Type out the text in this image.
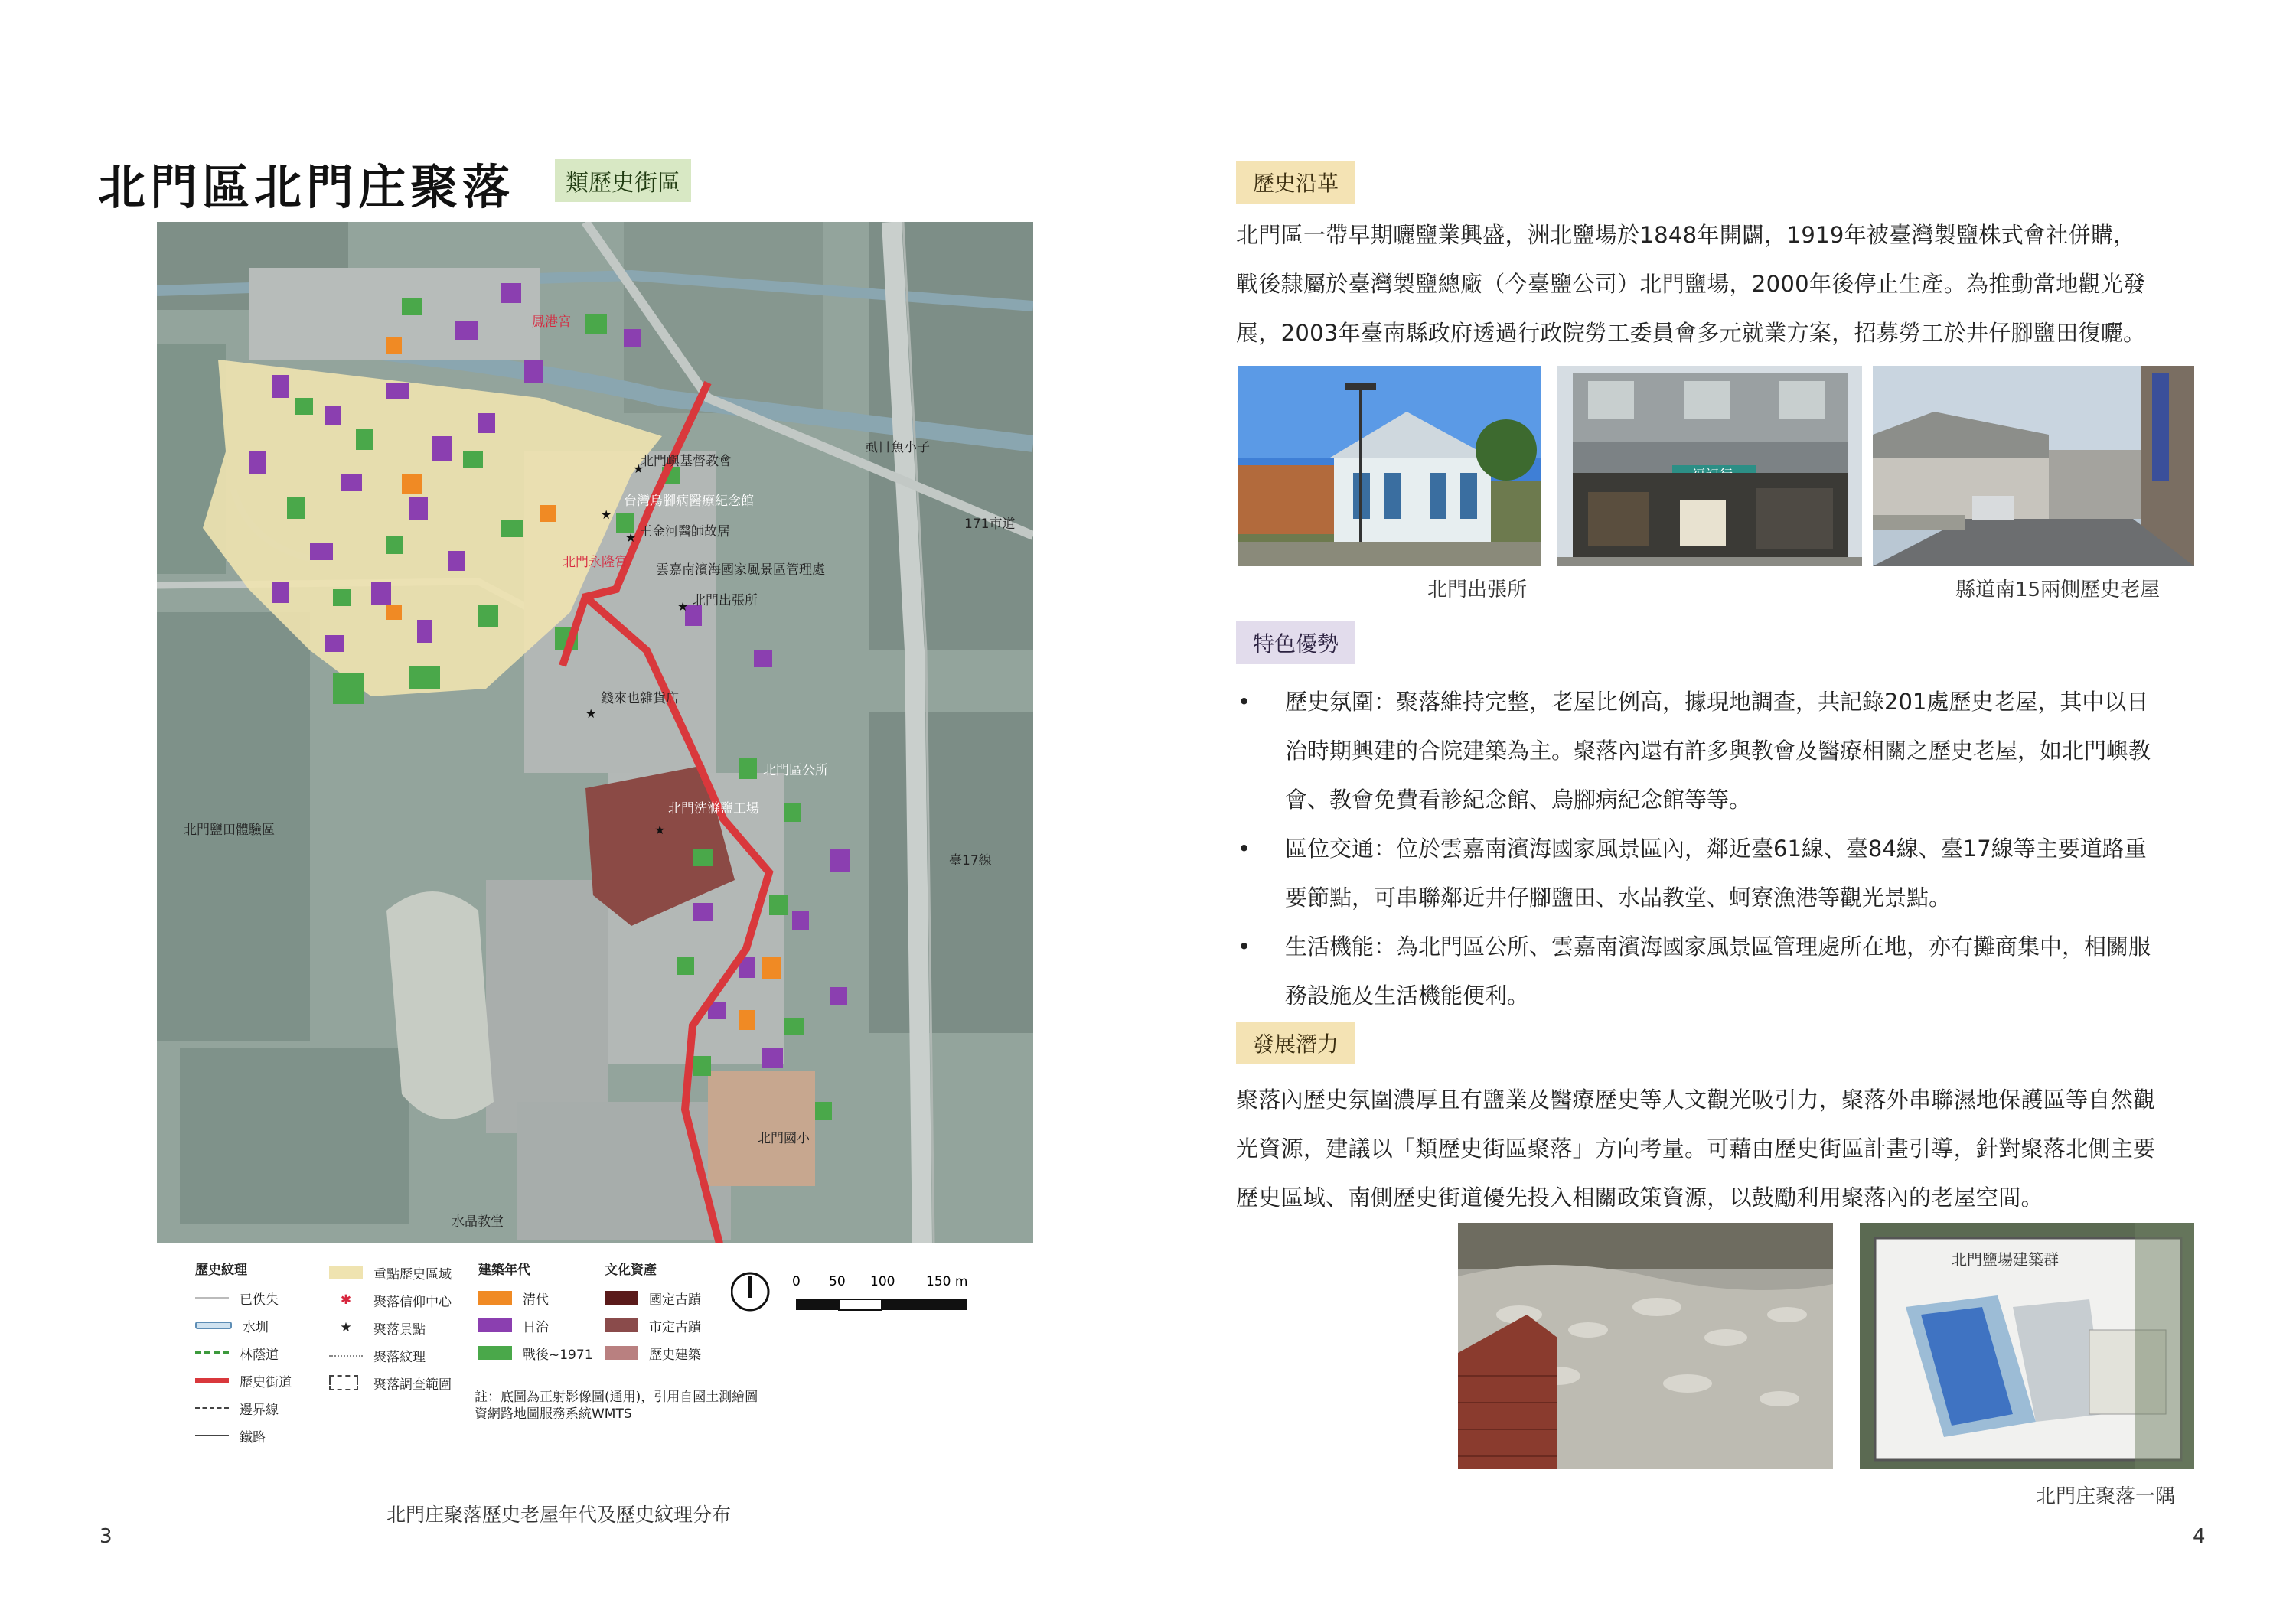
北門區北門庄聚落	類歷史街區
★
★
★
★
★
★
鳳港宮
北門嶼基督教會
台灣烏腳病醫療紀念館
王金河醫師故居
北門永隆宮 雲嘉南濱海國家風景區管理處
北門出張所
錢來也雜貨店
北門區公所
北門洗滌鹽工場
北門鹽田體驗區
臺17線
171市道
虱目魚小子
北門國小
水晶教堂
歷史紋理
已佚失
水圳
林蔭道
歷史街道
邊界線
鐵路
重點歷史區域
✱	聚落信仰中心
★	聚落景點
聚落紋理
聚落調查範圍
建築年代
清代
日治
戰後~1971
文化資產
國定古蹟
市定古蹟
歷史建築
0 50 100 150 m
註：底圖為正射影像圖(通用)，引用自國土測繪圖資網路地圖服務系統WMTS
北門庄聚落歷史老屋年代及歷史紋理分布
3
歷史沿革
北門區一帶早期曬鹽業興盛，洲北鹽場於1848年開闢，1919年被臺灣製鹽株式會社併購，
戰後隸屬於臺灣製鹽總廠（今臺鹽公司）北門鹽場，2000年後停止生產。為推動當地觀光發
展，2003年臺南縣政府透過行政院勞工委員會多元就業方案，招募勞工於井仔腳鹽田復曬。
北門出張所	縣道南15兩側歷史老屋
特色優勢
• 歷史氛圍：聚落維持完整，老屋比例高，據現地調查，共記錄201處歷史老屋，其中以日
治時期興建的合院建築為主。聚落內還有許多與教會及醫療相關之歷史老屋，如北門嶼教
會、教會免費看診紀念館、烏腳病紀念館等等。
• 區位交通：位於雲嘉南濱海國家風景區內，鄰近臺61線、臺84線、臺17線等主要道路重
要節點，可串聯鄰近井仔腳鹽田、水晶教堂、蚵寮漁港等觀光景點。
• 生活機能：為北門區公所、雲嘉南濱海國家風景區管理處所在地，亦有攤商集中，相關服
務設施及生活機能便利。
發展潛力
聚落內歷史氛圍濃厚且有鹽業及醫療歷史等人文觀光吸引力，聚落外串聯濕地保護區等自然觀
光資源，建議以「類歷史街區聚落」方向考量。可藉由歷史街區計畫引導，針對聚落北側主要
歷史區域、南側歷史街道優先投入相關政策資源，以鼓勵利用聚落內的老屋空間。
北門鹽場建築群
北門庄聚落一隅
4
